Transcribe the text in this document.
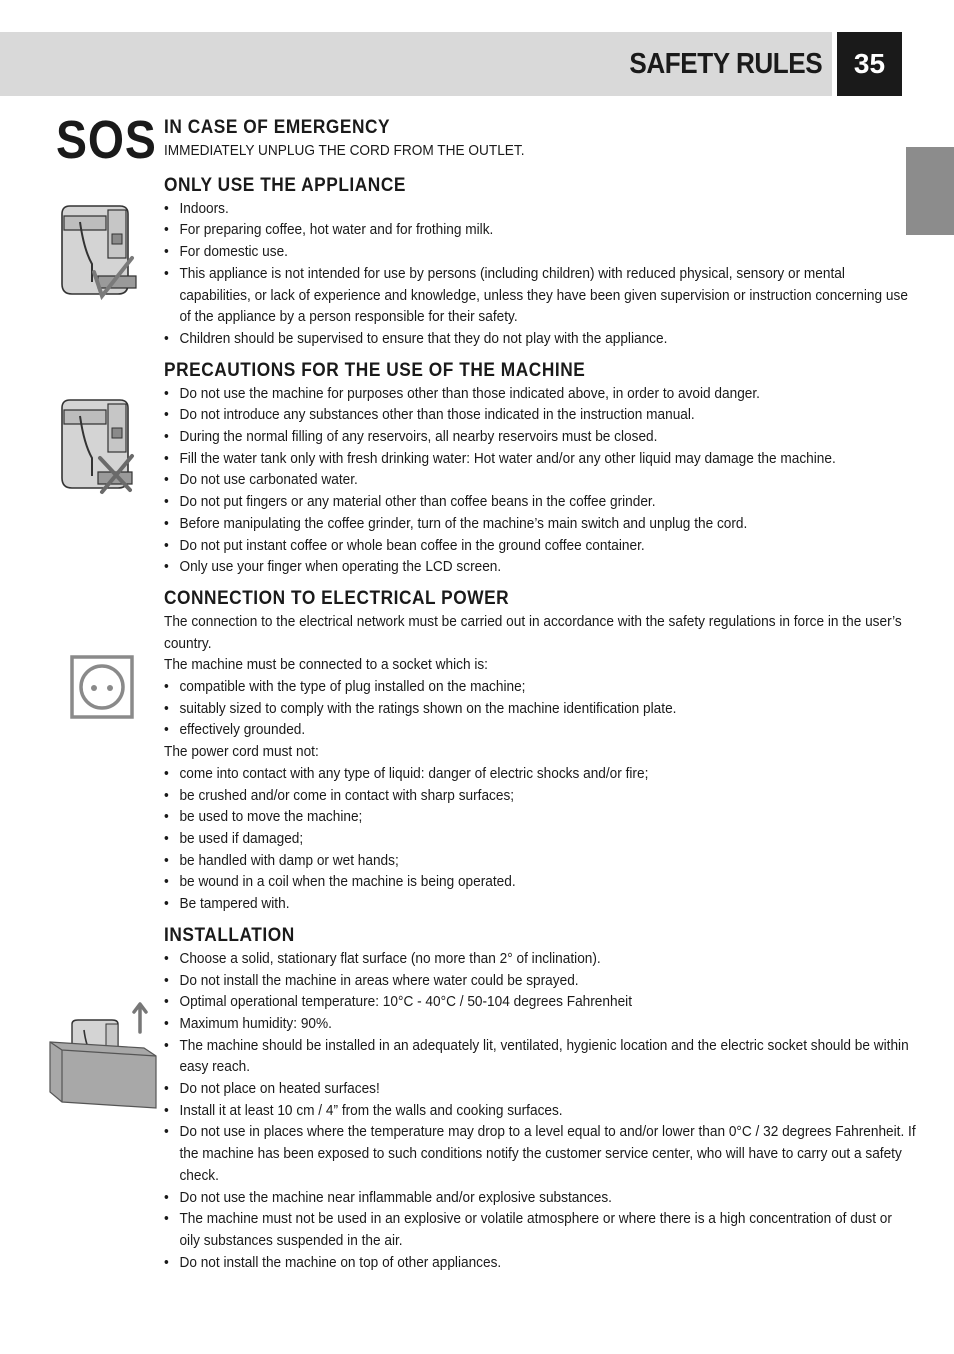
SAFETY RULES	35
SOS IN CASE OF EMERGENCY

IMMEDIATELY UNPLUG THE CORD FROM THE OUTLET.

ONLY USE THE APPLIANCE
• Indoors.
• For preparing coffee, hot water and for frothing milk.
• For domestic use.
• This appliance is not intended for use by persons (including children) with reduced physical, sensory or mental capabilities, or lack of experience and knowledge, unless they have been given supervision or instruction concerning use of the appliance by a person responsible for their safety.
• Children should be supervised to ensure that they do not play with the appliance.
PRECAUTIONS FOR THE USE OF THE MACHINE
• Do not use the machine for purposes other than those indicated above, in order to avoid danger.
• Do not introduce any substances other than those indicated in the instruction manual.
• During the normal filling of any reservoirs, all nearby reservoirs must be closed.
• Fill the water tank only with fresh drinking water: Hot water and/or any other liquid may damage the machine.
• Do not use carbonated water.
• Do not put fingers or any material other than coffee beans in the coffee grinder.
• Before manipulating the coffee grinder, turn of the machine’s main switch and unplug the cord.
• Do not put instant coffee or whole bean coffee in the ground coffee container.
• Only use your finger when operating the LCD screen.
CONNECTION TO ELECTRICAL POWER

The connection to the electrical network must be carried out in accordance with the safety regulations in force in the user’s country.

The machine must be connected to a socket which is:

• compatible with the type of plug installed on the machine;
• suitably sized to comply with the ratings shown on the machine identification plate.
• effectively grounded.

The power cord must not:

• come into contact with any type of liquid: danger of electric shocks and/or fire;
• be crushed and/or come in contact with sharp surfaces;
• be used to move the machine;
• be used if damaged;
• be handled with damp or wet hands;
• be wound in a coil when the machine is being operated.
• Be tampered with.
INSTALLATION
• Choose a solid, stationary flat surface (no more than 2° of inclination).
• Do not install the machine in areas where water could be sprayed.
• Optimal operational temperature: 10°C - 40°C / 50-104 degrees Fahrenheit
• Maximum humidity: 90%.
• The machine should be installed in an adequately lit, ventilated, hygienic location and the electric socket should be within easy reach.
• Do not place on heated surfaces!
• Install it at least 10 cm / 4” from the walls and cooking surfaces.
• Do not use in places where the temperature may drop to a level equal to and/or lower than 0°C / 32 degrees Fahrenheit. If the machine has been exposed to such conditions notify the customer service center, who will have to carry out a safety check.
• Do not use the machine near inflammable and/or explosive substances.
• The machine must not be used in an explosive or volatile atmosphere or where there is a high concentration of dust or oily substances suspended in the air.
• Do not install the machine on top of other appliances.
